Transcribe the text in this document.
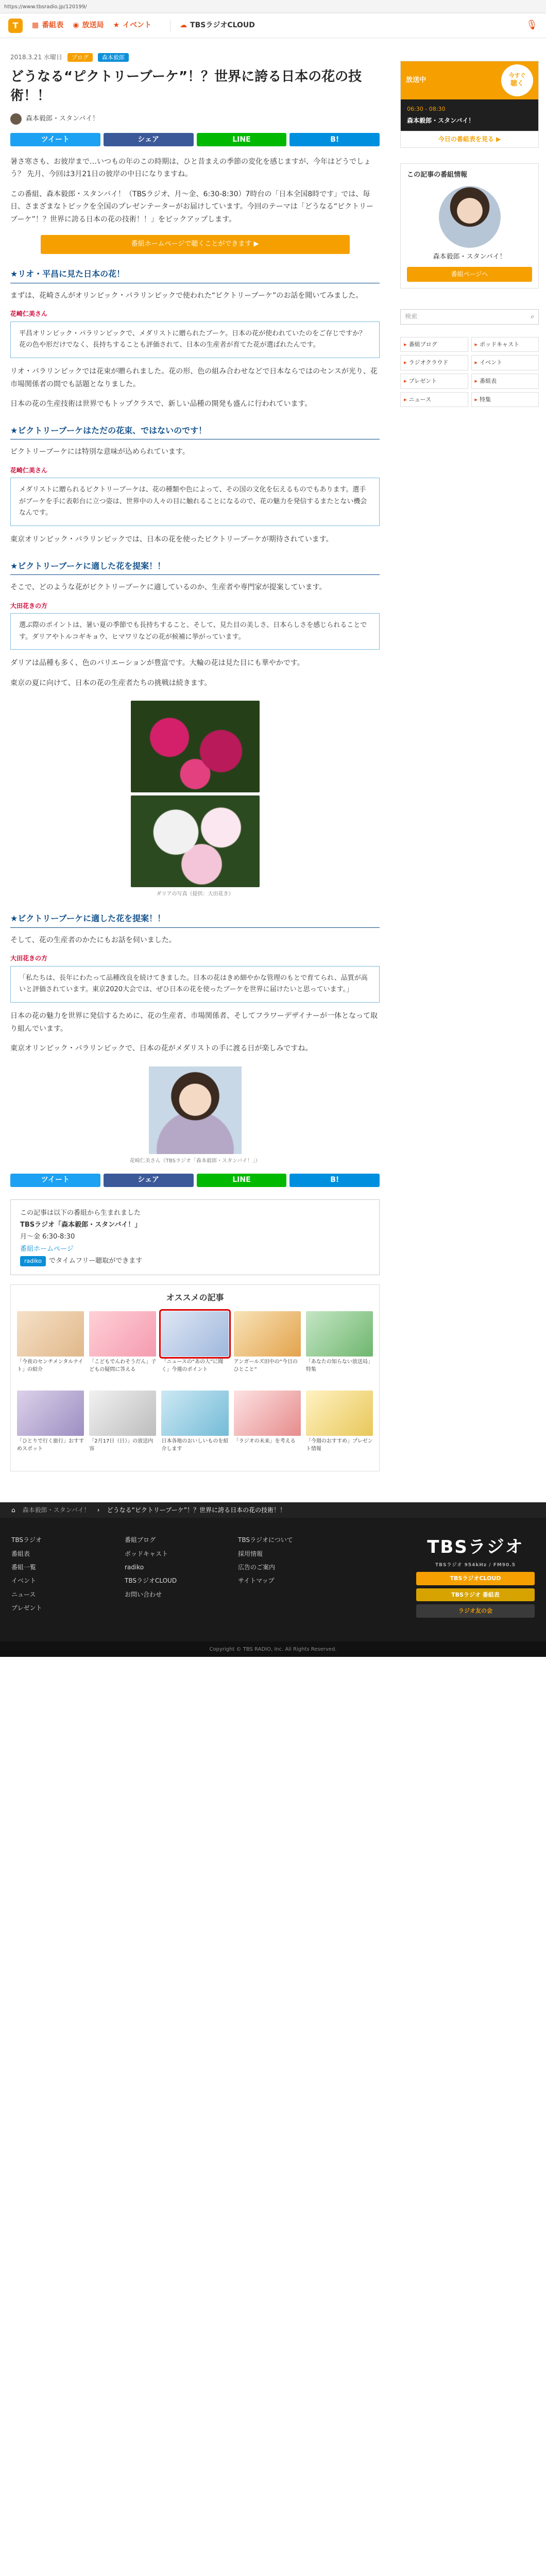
https://www.tbsradio.jp/120199/
T	▦ 番組表 ◉ 放送局 ★ イベント	☁ TBSラジオCLOUD	🎙
2018.3.21 水曜日	ブログ	森本毅郎
どうなる“ピクトリーブーケ”！？世界に誇る日本の花の技術！！
森本毅郎・スタンバイ！
ツイート	シェア	LINE	B!

暑さ寒さも、お彼岸まで…いつもの年のこの時期は、ひと昔まえの季節の変化を感じますが、今年はどうでしょう？ 先月、今回は3月21日の彼岸の中日になりますね。

この番組、森本毅郎・スタンバイ！（TBSラジオ、月〜金、6:30-8:30）7時台の「日本全国8時です」では、毎日、さまざまなトピックを全国のプレゼンテーターがお届けしています。今回のテーマは「どうなる“ピクトリーブーケ”！？世界に誇る日本の花の技術！！」をピックアップします。

番組ホームページで聴くことができます ▶
★リオ・平昌に見た日本の花！

まずは、花崎さんがオリンピック・パラリンピックで使われた“ビクトリーブーケ”のお話を聞いてみました。

花崎仁美さん
平昌オリンピック・パラリンピックで、メダリストに贈られたブーケ。日本の花が使われていたのをご存じですか？ 花の色や形だけでなく、長持ちすることも評価されて、日本の生産者が育てた花が選ばれたんです。

リオ・パラリンピックでは花束が贈られました。花の形、色の組み合わせなどで日本ならではのセンスが光り、花市場関係者の間でも話題となりました。

日本の花の生産技術は世界でもトップクラスで、新しい品種の開発も盛んに行われています。

★ビクトリーブーケはただの花束、ではないのです！

ビクトリーブーケには特別な意味が込められています。

花崎仁美さん
メダリストに贈られるビクトリーブーケは、花の種類や色によって、その国の文化を伝えるものでもあります。選手がブーケを手に表彰台に立つ姿は、世界中の人々の目に触れることになるので、花の魅力を発信するまたとない機会なんです。

東京オリンピック・パラリンピックでは、日本の花を使ったビクトリーブーケが期待されています。

★ビクトリーブーケに適した花を提案！！

そこで、どのような花がビクトリーブーケに適しているのか、生産者や専門家が提案しています。

大田花きの方
選ぶ際のポイントは、暑い夏の季節でも長持ちすること、そして、見た目の美しさ、日本らしさを感じられることです。ダリアやトルコギキョウ、ヒマワリなどの花が候補に挙がっています。

ダリアは品種も多く、色のバリエーションが豊富です。大輪の花は見た目にも華やかです。

東京の夏に向けて、日本の花の生産者たちの挑戦は続きます。

ダリアの写真（提供：大田花き）
★ビクトリーブーケに適した花を提案！！

そして、花の生産者のかたにもお話を伺いました。

大田花きの方
「私たちは、長年にわたって品種改良を続けてきました。日本の花はきめ細やかな管理のもとで育てられ、品質が高いと評価されています。東京2020大会では、ぜひ日本の花を使ったブーケを世界に届けたいと思っています。」

日本の花の魅力を世界に発信するために、花の生産者、市場関係者、そしてフラワーデザイナーが一体となって取り組んでいます。

東京オリンピック・パラリンピックで、日本の花がメダリストの手に渡る日が楽しみですね。

花崎仁美さん（TBSラジオ「森本毅郎・スタンバイ！」）
ツイート	シェア	LINE	B!
この記事は以下の番組から生まれました
TBSラジオ「森本毅郎・スタンバイ！」
月〜金 6:30-8:30
番組ホームページ
radiko でタイムフリー聴取ができます
オススメの記事
「今夜のセンチメンタルナイト」の紹介
「こどもでんわそうだん」子どもの疑問に答える
「ニュースの“あの人”に聞く」今週のポイント
アンガールズ田中の“今日のひとこと”
「あなたの知らない放送局」特集
「ひとりで行く旅行」おすすめスポット
「2月17日（日）」の放送内容
日本各地のおいしいものを紹介します
「ラジオの未来」を考える	「今週のおすすめ」プレゼント情報
放送中
今すぐ
聴く
06:30 - 08:30
森本毅郎・スタンバイ！
今日の番組表を見る ▶
この記事の番組情報
森本毅郎・スタンバイ！
番組ページへ
検索	⌕
▸ 番組ブログ	▸ ポッドキャスト
▸ ラジオクラウド	▸ イベント
▸ プレゼント	▸ 番組表
▸ ニュース	▸ 特集
⌂ 森本毅郎・スタンバイ！ › どうなる“ピクトリーブーケ”！？世界に誇る日本の花の技術！！
TBSラジオ
番組表
番組一覧
イベント
ニュース
プレゼント
番組ブログ
ポッドキャスト
radiko
TBSラジオCLOUD
お問い合わせ
TBSラジオについて
採用情報
広告のご案内
サイトマップ
TBSラジオ
TBSラジオ 954kHz / FM90.5
TBSラジオCLOUD
TBSラジオ 番組表
ラジオ友の会
Copyright © TBS RADIO, Inc. All Rights Reserved.
